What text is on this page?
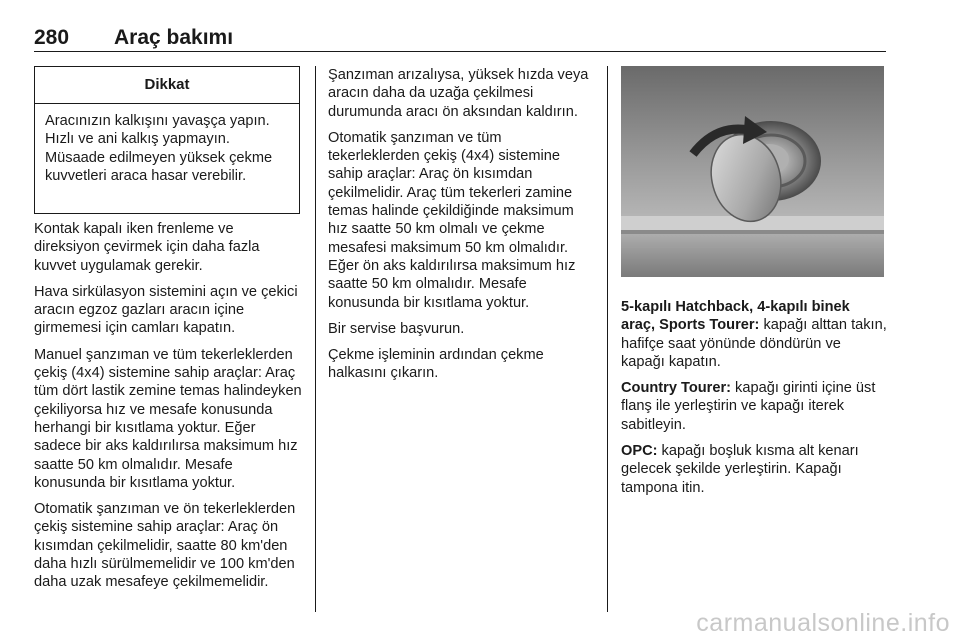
280 Araç bakımı
Dikkat
Aracınızın kalkışını yavaşça yapın. Hızlı ve ani kalkış yapmayın. Müsaade edilmeyen yüksek çekme kuvvetleri araca hasar verebilir.

Kontak kapalı iken frenleme ve direksiyon çevirmek için daha fazla kuvvet uygulamak gerekir.

Hava sirkülasyon sistemini açın ve çekici aracın egzoz gazları aracın içine girmemesi için camları kapatın.

Manuel şanzıman ve tüm tekerleklerden çekiş (4x4) sistemine sahip araçlar: Araç tüm dört lastik zemine temas halindeyken çekiliyorsa hız ve mesafe konusunda herhangi bir kısıtlama yoktur. Eğer sadece bir aks kaldırılırsa maksimum hız saatte 50 km olmalıdır. Mesafe konusunda bir kısıtlama yoktur.

Otomatik şanzıman ve ön tekerleklerden çekiş sistemine sahip araçlar: Araç ön kısımdan çekilmelidir, saatte 80 km'den daha hızlı sürülmemelidir ve 100 km'den daha uzak mesafeye çekilmemelidir.

Şanzıman arızalıysa, yüksek hızda veya aracın daha da uzağa çekilmesi durumunda aracı ön aksından kaldırın.

Otomatik şanzıman ve tüm tekerleklerden çekiş (4x4) sistemine sahip araçlar: Araç ön kısımdan çekilmelidir. Araç tüm tekerleri zamine temas halinde çekildiğinde maksimum hız saatte 50 km olmalı ve çekme mesafesi maksimum 50 km olmalıdır. Eğer ön aks kaldırılırsa maksimum hız saatte 50 km olmalıdır. Mesafe konusunda bir kısıtlama yoktur.

Bir servise başvurun.

Çekme işleminin ardından çekme halkasını çıkarın.

5-kapılı Hatchback, 4-kapılı binek araç, Sports Tourer: kapağı alttan takın, hafifçe saat yönünde döndürün ve kapağı kapatın.

Country Tourer: kapağı girinti içine üst flanş ile yerleştirin ve kapağı iterek sabitleyin.

OPC: kapağı boşluk kısma alt kenarı gelecek şekilde yerleştirin. Kapağı tampona itin.

carmanualsonline.info
